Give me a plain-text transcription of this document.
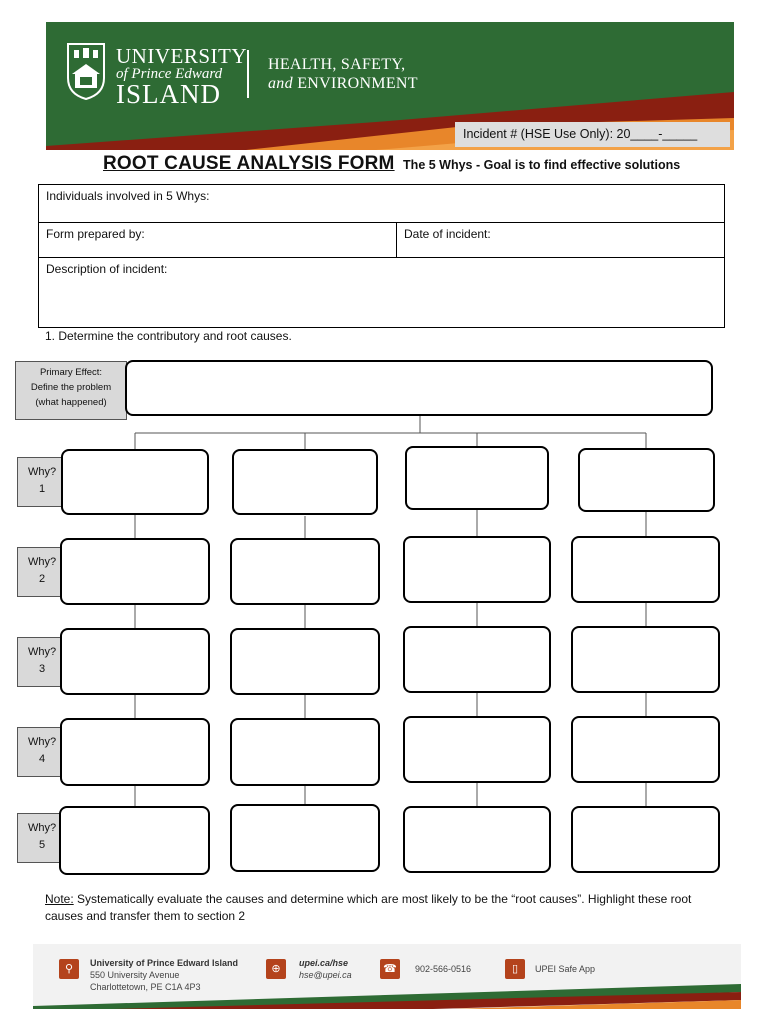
UNIVERSITY
of Prince Edward
ISLAND
HEALTH, SAFETY,
and ENVIRONMENT
Incident # (HSE Use Only): 20____-_____
ROOT CAUSE ANALYSIS FORM The 5 Whys - Goal is to find effective solutions
Individuals involved in 5 Whys:
Form prepared by:	Date of incident:
Description of incident:
1. Determine the contributory and root causes.
Primary Effect:
Define the problem
(what happened)
Why?
1
Why?
2
Why?
3
Why?
4
Why?
5
Note: Systematically evaluate the causes and determine which are most likely to be the “root causes”. Highlight these root causes and transfer them to section 2
⚲	University of Prince Edward Island
550 University Avenue
Charlottetown, PE C1A 4P3
⊕	upei.ca/hse
hse@upei.ca	☎	902-566-0516	▯	UPEI Safe App
